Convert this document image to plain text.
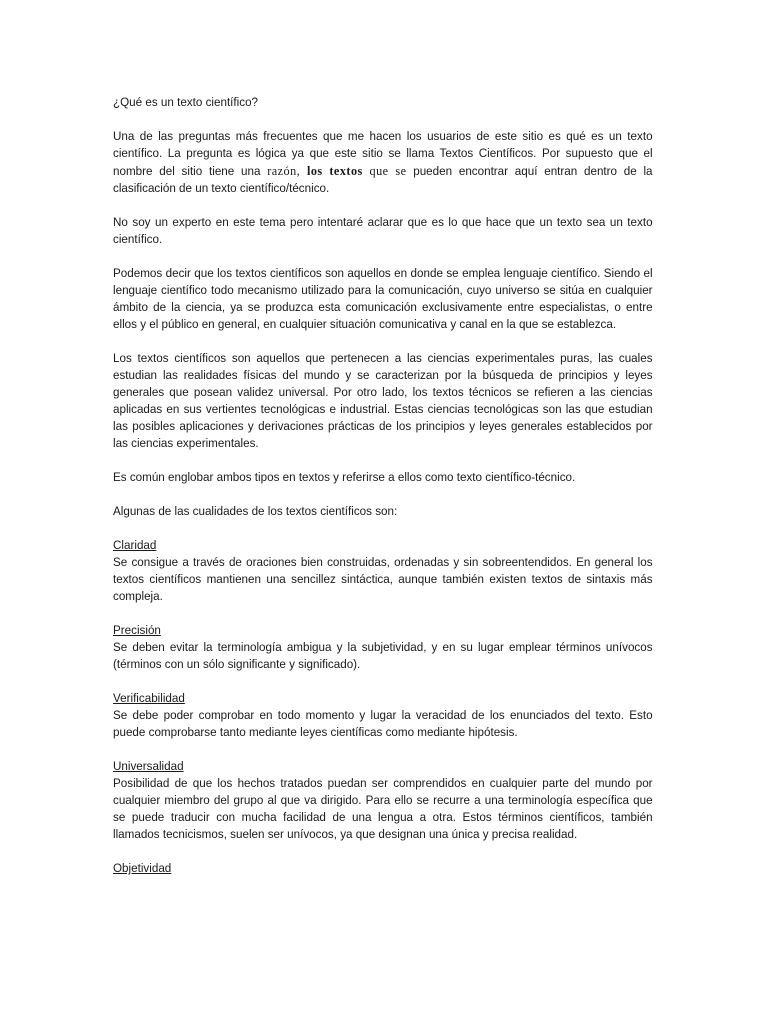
¿Qué es un texto científico?

Una de las preguntas más frecuentes que me hacen los usuarios de este sitio es qué es un texto científico. La pregunta es lógica ya que este sitio se llama Textos Científicos. Por supuesto que el nombre del sitio tiene una razón, los textos que se pueden encontrar aquí entran dentro de la clasificación de un texto científico/técnico.

No soy un experto en este tema pero intentaré aclarar que es lo que hace que un texto sea un texto científico.

Podemos decir que los textos científicos son aquellos en donde se emplea lenguaje científico. Siendo el lenguaje científico todo mecanismo utilizado para la comunicación, cuyo universo se sitúa en cualquier ámbito de la ciencia, ya se produzca esta comunicación exclusivamente entre especialistas, o entre ellos y el público en general, en cualquier situación comunicativa y canal en la que se establezca.

Los textos científicos son aquellos que pertenecen a las ciencias experimentales puras, las cuales estudian las realidades físicas del mundo y se caracterizan por la búsqueda de principios y leyes generales que posean validez universal. Por otro lado, los textos técnicos se refieren a las ciencias aplicadas en sus vertientes tecnológicas e industrial. Estas ciencias tecnológicas son las que estudian las posibles aplicaciones y derivaciones prácticas de los principios y leyes generales establecidos por las ciencias experimentales.

Es común englobar ambos tipos en textos y referirse a ellos como texto científico-técnico.

Algunas de las cualidades de los textos científicos son:

Claridad

Se consigue a través de oraciones bien construidas, ordenadas y sin sobreentendidos. En general los textos científicos mantienen una sencillez sintáctica, aunque también existen textos de sintaxis más compleja.

Precisión

Se deben evitar la terminología ambigua y la subjetividad, y en su lugar emplear términos unívocos (términos con un sólo significante y significado).

Verificabilidad

Se debe poder comprobar en todo momento y lugar la veracidad de los enunciados del texto. Esto puede comprobarse tanto mediante leyes científicas como mediante hipótesis.

Universalidad

Posibilidad de que los hechos tratados puedan ser comprendidos en cualquier parte del mundo por cualquier miembro del grupo al que va dirigido. Para ello se recurre a una terminología específica que se puede traducir con mucha facilidad de una lengua a otra. Estos términos científicos, también llamados tecnicismos, suelen ser unívocos, ya que designan una única y precisa realidad.

Objetividad
